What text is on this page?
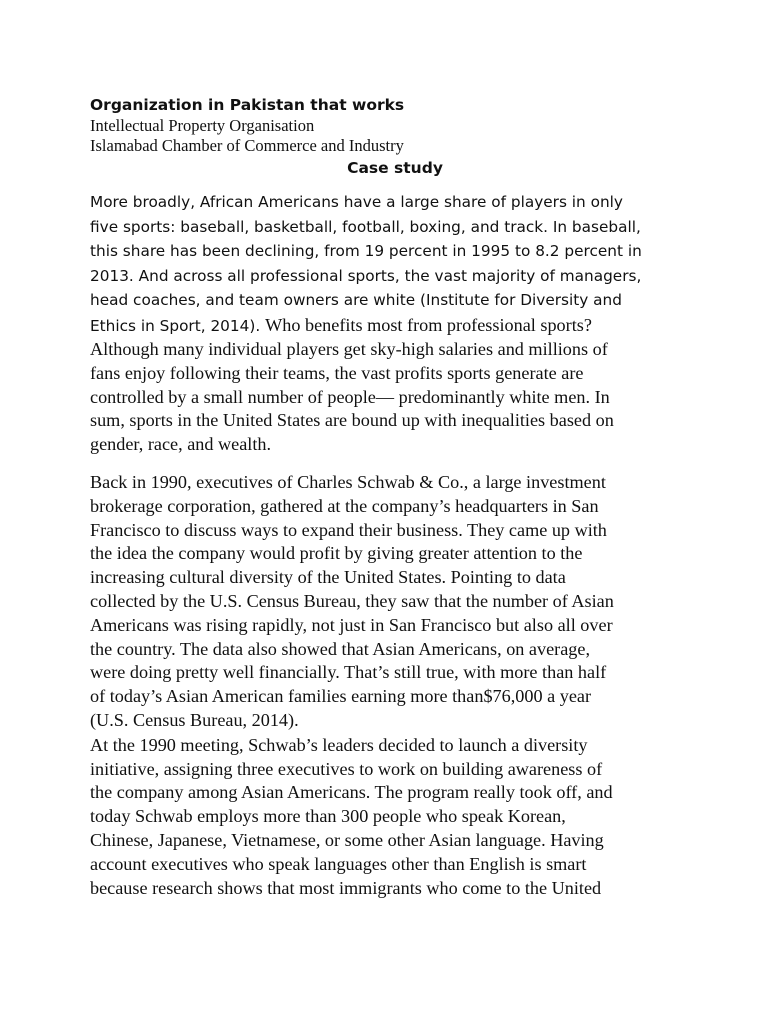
Organization in Pakistan that works
Intellectual Property Organisation
Islamabad Chamber of Commerce and Industry
Case study
More broadly, African Americans have a large share of players in only
five sports: baseball, basketball, football, boxing, and track. In baseball,
this share has been declining, from 19 percent in 1995 to 8.2 percent in
2013. And across all professional sports, the vast majority of managers,
head coaches, and team owners are white (Institute for Diversity and
Ethics in Sport, 2014). Who benefits most from professional sports?
Although many individual players get sky-high salaries and millions of
fans enjoy following their teams, the vast profits sports generate are
controlled by a small number of people— predominantly white men. In
sum, sports in the United States are bound up with inequalities based on
gender, race, and wealth.
Back in 1990, executives of Charles Schwab & Co., a large investment
brokerage corporation, gathered at the company’s headquarters in San
Francisco to discuss ways to expand their business. They came up with
the idea the company would profit by giving greater attention to the
increasing cultural diversity of the United States. Pointing to data
collected by the U.S. Census Bureau, they saw that the number of Asian
Americans was rising rapidly, not just in San Francisco but also all over
the country. The data also showed that Asian Americans, on average,
were doing pretty well financially. That’s still true, with more than half
of today’s Asian American families earning more than$76,000 a year
(U.S. Census Bureau, 2014).
At the 1990 meeting, Schwab’s leaders decided to launch a diversity
initiative, assigning three executives to work on building awareness of
the company among Asian Americans. The program really took off, and
today Schwab employs more than 300 people who speak Korean,
Chinese, Japanese, Vietnamese, or some other Asian language. Having
account executives who speak languages other than English is smart
because research shows that most immigrants who come to the United
